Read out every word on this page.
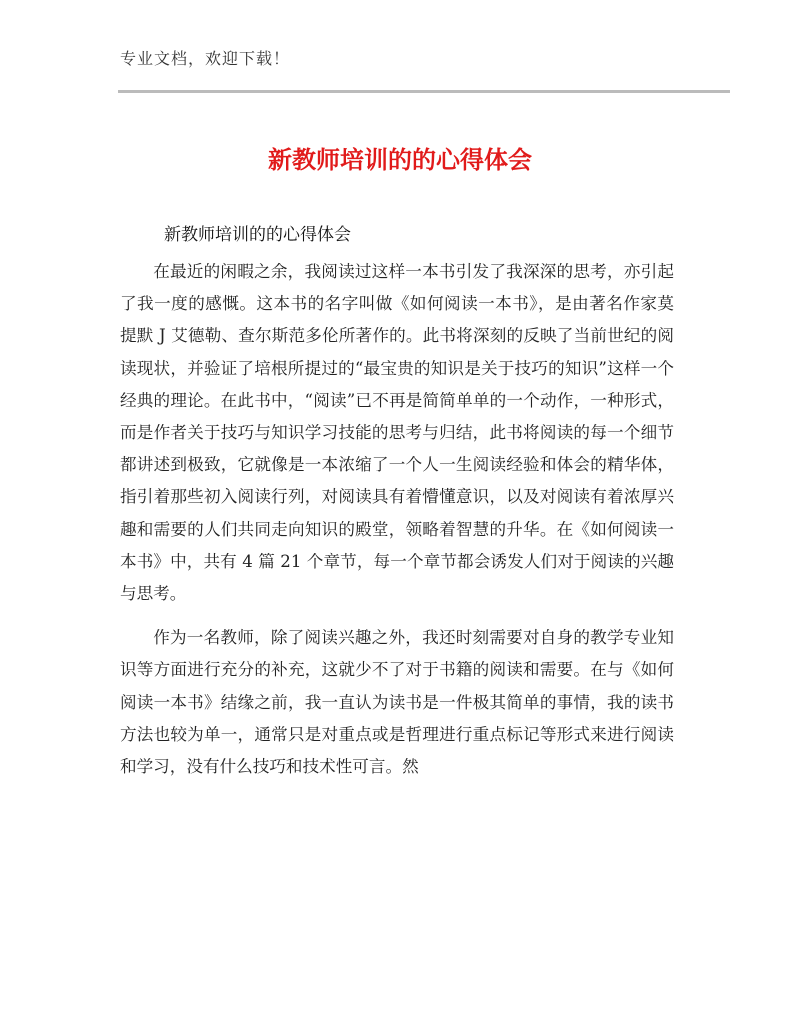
专业文档，欢迎下载！
新教师培训的的心得体会
新教师培训的的心得体会

在最近的闲暇之余，我阅读过这样一本书引发了我深深的思考，亦引起了我一度的感慨。这本书的名字叫做《如何阅读一本书》，是由著名作家莫提默 J 艾德勒、查尔斯范多伦所著作的。此书将深刻的反映了当前世纪的阅读现状，并验证了培根所提过的“最宝贵的知识是关于技巧的知识”这样一个经典的理论。在此书中，“阅读”已不再是简简单单的一个动作，一种形式，而是作者关于技巧与知识学习技能的思考与归结，此书将阅读的每一个细节都讲述到极致，它就像是一本浓缩了一个人一生阅读经验和体会的精华体，指引着那些初入阅读行列，对阅读具有着懵懂意识，以及对阅读有着浓厚兴趣和需要的人们共同走向知识的殿堂，领略着智慧的升华。在《如何阅读一本书》中，共有 4 篇 21 个章节，每一个章节都会诱发人们对于阅读的兴趣与思考。

作为一名教师，除了阅读兴趣之外，我还时刻需要对自身的教学专业知识等方面进行充分的补充，这就少不了对于书籍的阅读和需要。在与《如何阅读一本书》结缘之前，我一直认为读书是一件极其简单的事情，我的读书方法也较为单一，通常只是对重点或是哲理进行重点标记等形式来进行阅读和学习，没有什么技巧和技术性可言。然
